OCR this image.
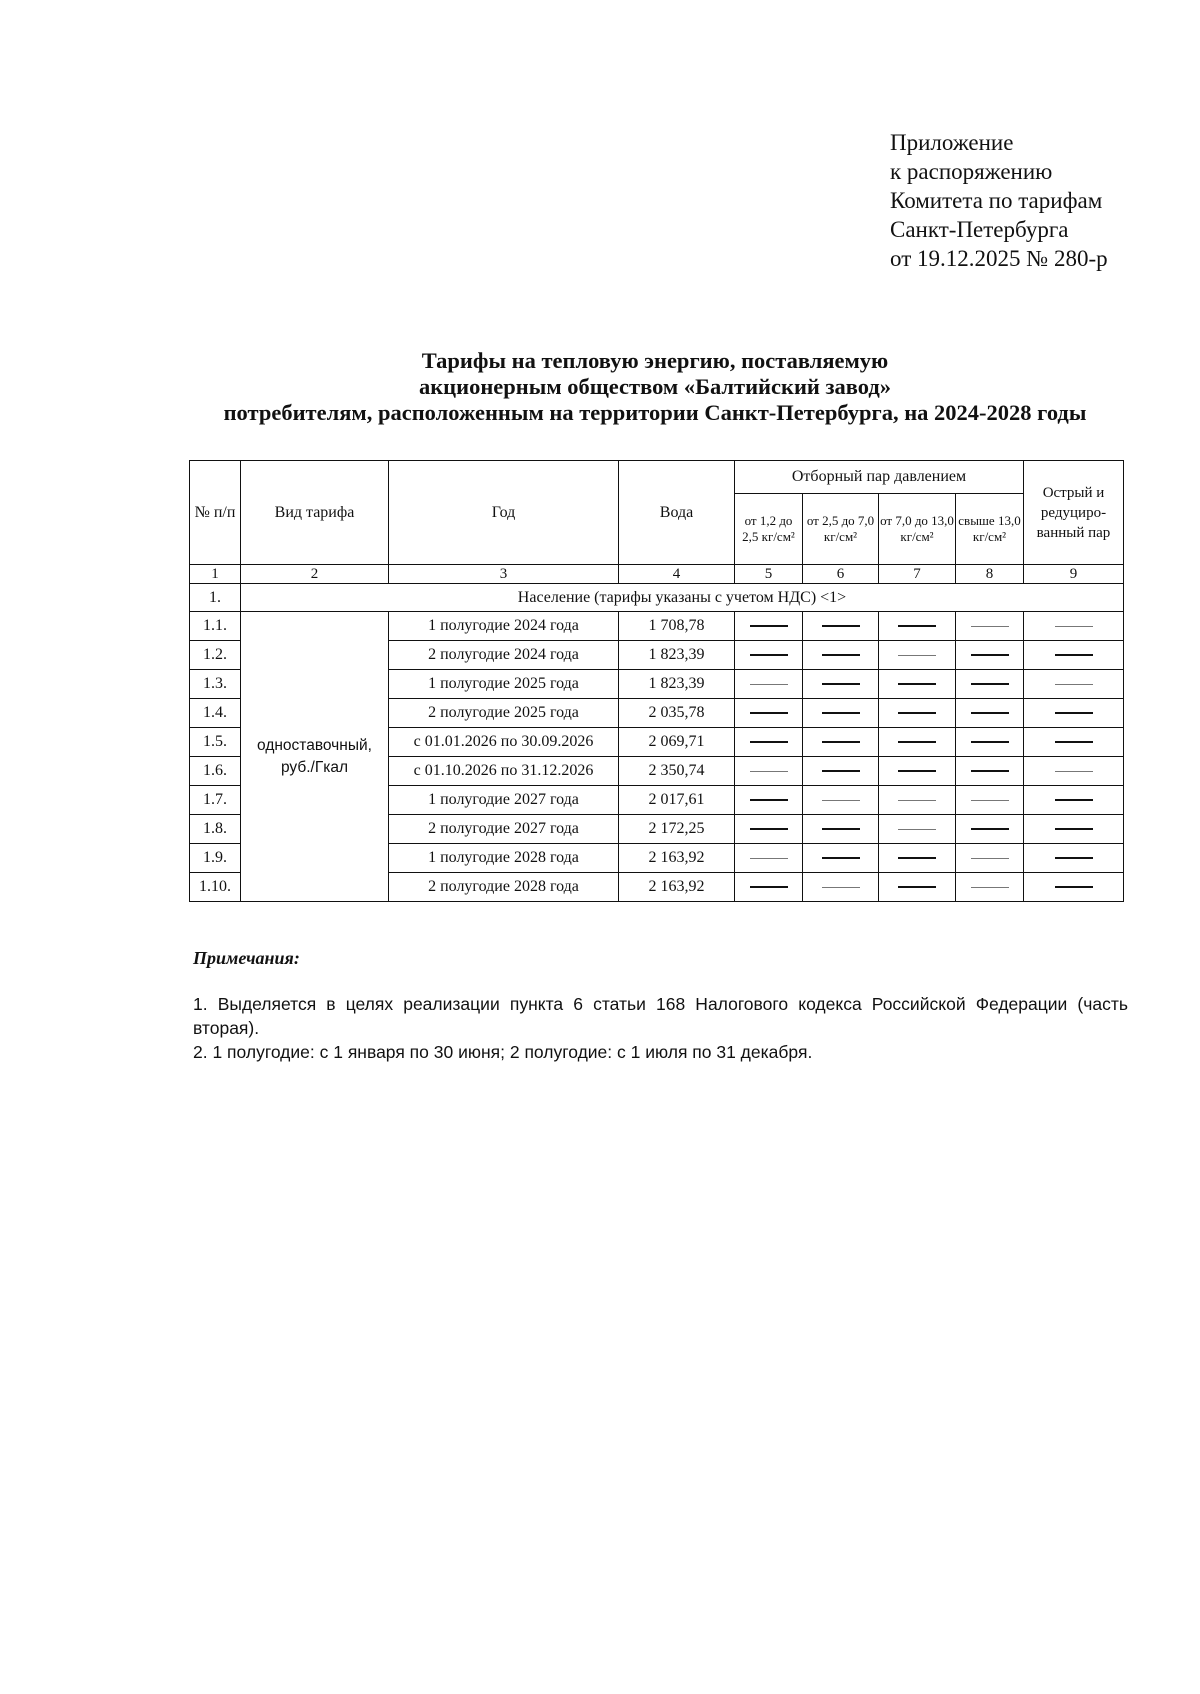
Приложение
к распоряжению
Комитета по тарифам
Санкт-Петербурга
от 19.12.2025 № 280-р
Тарифы на тепловую энергию, поставляемую
акционерным обществом «Балтийский завод»
потребителям, расположенным на территории Санкт-Петербурга, на 2024-2028 годы
№ п/п	Вид тарифа	Год	Вода	Отборный пар давлением				Острый и редуциро-ванный пар
				от 1,2 до 2,5 кг/см²	от 2,5 до 7,0 кг/см²	от 7,0 до 13,0 кг/см²	свыше 13,0 кг/см²	
1	2	3	4	5	6	7	8	9
1.	Население (тарифы указаны с учетом НДС) <1>							
1.1.	одноставочный, руб./Гкал	1 полугодие 2024 года	1 708,78					
1.2.		2 полугодие 2024 года	1 823,39					
1.3.		1 полугодие 2025 года	1 823,39					
1.4.		2 полугодие 2025 года	2 035,78					
1.5.		с 01.01.2026 по 30.09.2026	2 069,71					
1.6.		с 01.10.2026 по 31.12.2026	2 350,74					
1.7.		1 полугодие 2027 года	2 017,61					
1.8.		2 полугодие 2027 года	2 172,25					
1.9.		1 полугодие 2028 года	2 163,92					
1.10.		2 полугодие 2028 года	2 163,92					
Примечания:

1. Выделяется в целях реализации пункта 6 статьи 168 Налогового кодекса Российской Федерации (часть вторая).

2. 1 полугодие: с 1 января по 30 июня; 2 полугодие: с 1 июля по 31 декабря.
